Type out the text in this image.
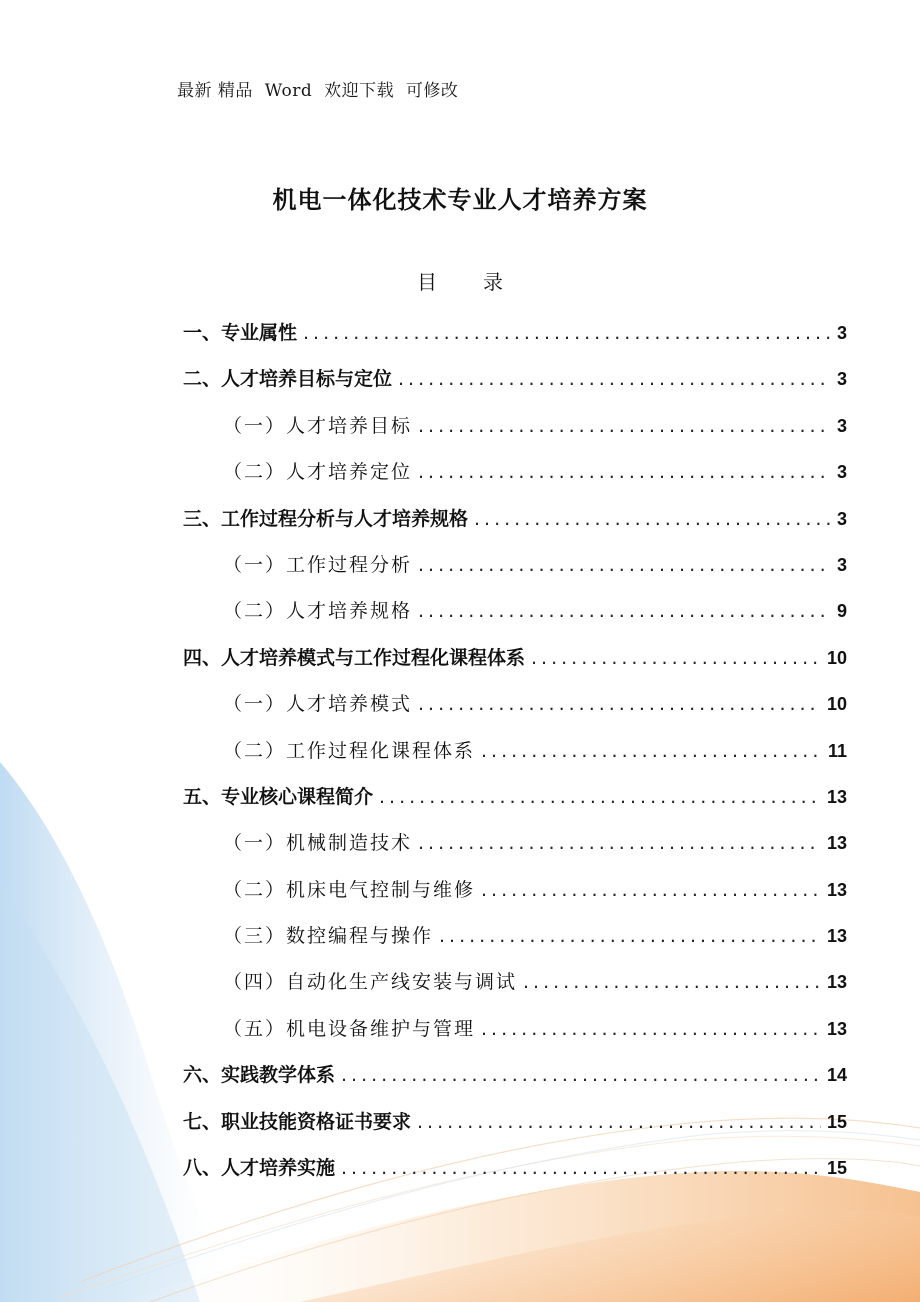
最新 精品  Word  欢迎下载  可修改
机电一体化技术专业人才培养方案
目 录
一、专业属性 .....	3
二、人才培养目标与定位 .....	3
（一）人才培养目标 .....	3
（二）人才培养定位 .....	3
三、工作过程分析与人才培养规格 .....	3
（一）工作过程分析 .....	3
（二）人才培养规格 .....	9
四、人才培养模式与工作过程化课程体系 .....	10
（一）人才培养模式 .....	10
（二）工作过程化课程体系 .....	11
五、专业核心课程简介 .....	13
（一）机械制造技术 .....	13
（二）机床电气控制与维修 .....	13
（三）数控编程与操作 .....	13
（四）自动化生产线安装与调试 .....	13
（五）机电设备维护与管理 .....	13
六、实践教学体系 .....	14
七、职业技能资格证书要求 .....	15
八、人才培养实施 .....	15
